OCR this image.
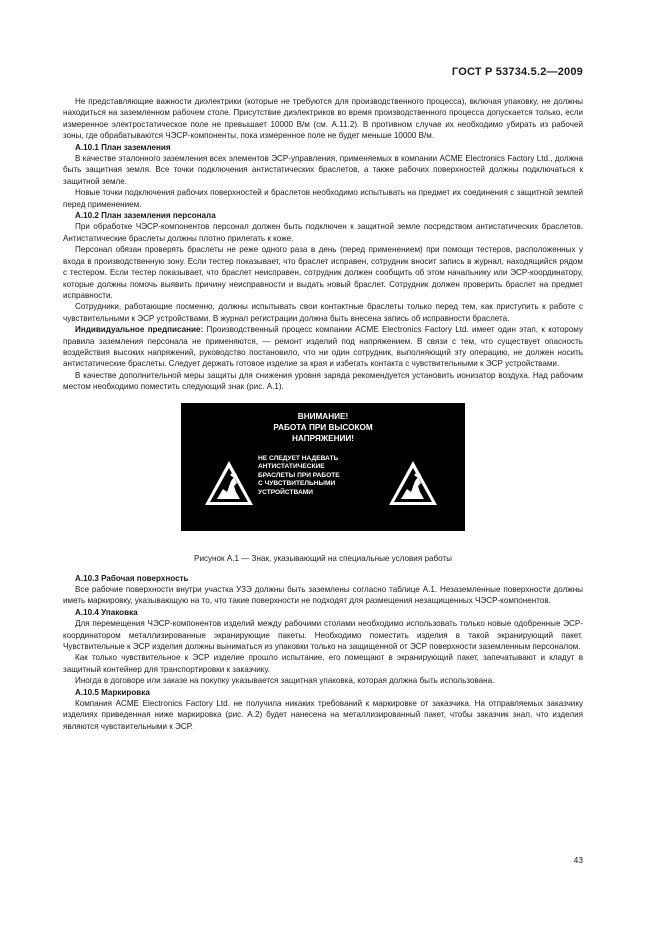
ГОСТ Р 53734.5.2—2009

Не представляющие важности диэлектрики (которые не требуются для производственного процесса), включая упаковку, не должны находиться на заземленном рабочем столе. Присутствие диэлектриков во время производственного процесса допускается только, если измеренное электростатическое поле не превышает 10000 В/м (см. А.11.2). В противном случае их необходимо убирать из рабочей зоны, где обрабатываются ЧЭСР-компоненты, пока измеренное поле не будет меньше 10000 В/м.

А.10.1 План заземления

В качестве эталонного заземления всех элементов ЭСР-управления, применяемых в компании ACME Electronics Factory Ltd., должна быть защитная земля. Все точки подключения антистатических браслетов, а также рабочих поверхностей должны подключаться к защитной земле.

Новые точки подключения рабочих поверхностей и браслетов необходимо испытывать на предмет их соединения с защитной землей перед применением.

А.10.2 План заземления персонала

При обработке ЧЭСР-компонентов персонал должен быть подключен к защитной земле посредством антистатических браслетов. Антистатические браслеты должны плотно прилегать к коже.

Персонал обязан проверять браслеты не реже одного раза в день (перед применением) при помощи тестеров, расположенных у входа в производственную зону. Если тестер показывает, что браслет исправен, сотрудник вносит запись в журнал, находящийся рядом с тестером. Если тестер показывает, что браслет неисправен, сотрудник должен сообщить об этом начальнику или ЭСР-координатору, которые должны помочь выявить причину неисправности и выдать новый браслет. Сотрудник должен проверить браслет на предмет исправности.

Сотрудники, работающие посменно, должны испытывать свои контактные браслеты только перед тем, как приступить к работе с чувствительными к ЭСР устройствами. В журнал регистрации должна быть внесена запись об исправности браслета.

Индивидуальное предписание: Производственный процесс компании ACME Electronics Factory Ltd. имеет один этап, к которому правила заземления персонала не применяются, — ремонт изделий под напряжением. В связи с тем, что существует опасность воздействия высоких напряжений, руководство постановило, что ни один сотрудник, выполняющий эту операцию, не должен носить антистатические браслеты. Следует держать готовое изделие за края и избегать контакта с чувствительными к ЭСР устройствами.

В качестве дополнительной меры защиты для снижения уровня заряда рекомендуется установить ионизатор воздуха. Над рабочим местом необходимо поместить следующий знак (рис. А.1).

ВНИМАНИЕ!
РАБОТА ПРИ ВЫСОКОМ
НАПРЯЖЕНИИ!
НЕ СЛЕДУЕТ НАДЕВАТЬ
АНТИСТАТИЧЕСКИЕ
БРАСЛЕТЫ ПРИ РАБОТЕ
С ЧУВСТВИТЕЛЬНЫМИ
УСТРОЙСТВАМИ
Рисунок А.1 — Знак, указывающий на специальные условия работы
А.10.3 Рабочая поверхность

Все рабочие поверхности внутри участка УЗЭ должны быть заземлены согласно таблице А.1. Незаземленные поверхности должны иметь маркировку, указывающую на то, что такие поверхности не подходят для размещения незащищенных ЧЭСР-компонентов.

А.10.4 Упаковка

Для перемещения ЧЭСР-компонентов изделий между рабочими столами необходимо использовать только новые одобренные ЭСР-координатором металлизированные экранирующие пакеты. Необходимо поместить изделия в такой экранирующий пакет. Чувствительные к ЭСР изделия должны выниматься из упаковки только на защищенной от ЭСР поверхности заземленным персоналом.

Как только чувствительное к ЭСР изделие прошло испытание, его помещают в экранирующий пакет, запечатывают и кладут в защитный контейнер для транспортировки к заказчику.

Иногда в договоре или заказе на покупку указывается защитная упаковка, которая должна быть использована.

А.10.5 Маркировка

Компания ACME Electronics Factory Ltd. не получила никаких требований к маркировке от заказчика. На отправляемых заказчику изделиях приведенная ниже маркировка (рис. А.2) будет нанесена на металлизированный пакет, чтобы заказчик знал, что изделия являются чувствительными к ЭСР.

43
